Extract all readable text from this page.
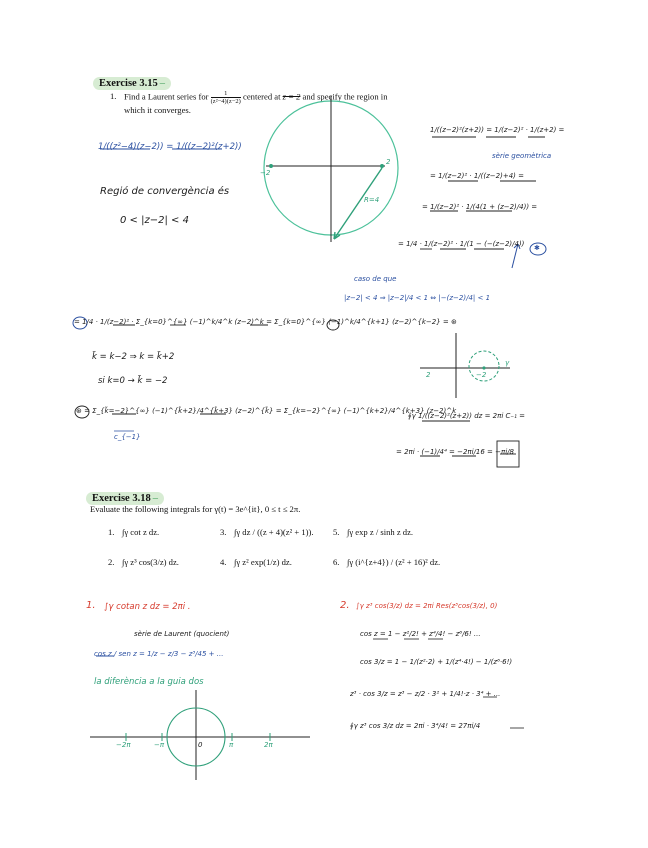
Exercise 3.15 –
1. Find a Laurent series for $\frac{1}{\text{(z²−4)(z−2)}}$ centered at z = 2 and specify the region in
which it converges.
1/((z²−4)(z−2)) = 1/((z−2)²(z+2))
Regió de convergència és
0 < |z−2| < 4
−2
2
R=4
1/((z−2)²(z+2)) = 1/(z−2)² · 1/(z+2) =
sèrie geomètrica
= 1/(z−2)² · 1/((z−2)+4) =
= 1/(z−2)² · 1/(4(1 + (z−2)/4)) =
= 1/4 · 1/(z−2)² · 1/(1 − (−(z−2)/4)) ✱
caso de que
|z−2| < 4 ⇒ |z−2|/4 < 1 ⇔ |−(z−2)/4| < 1
= 1/4 · 1/(z−2)² · Σ_{k=0}^{∞} (−1)^k/4^k (z−2)^k = Σ_{k=0}^{∞} (−1)^k/4^{k+1} (z−2)^{k−2} = ⊛
k̃ = k−2 ⇒ k = k̃+2
si k=0 → k̃ = −2
⊛ = Σ_{k̃=−2}^{∞} (−1)^{k̃+2}/4^{k̃+3} (z−2)^{k̃} = Σ_{k=−2}^{∞} (−1)^{k+2}/4^{k+3} (z−2)^k
c_{−1}
2	−2
γ
∮γ 1/((z−2)²(z+2)) dz = 2πi C₋₁ =
= 2πi · (−1)/4⁴ = −2πi/16 = −πi/8
Exercise 3.18 –
Evaluate the following integrals for γ(t) = 3e^{it}, 0 ≤ t ≤ 2π.
1. ∫γ cot z dz.
2. ∫γ z³ cos(3/z) dz.
3. ∫γ dz / ((z + 4)(z² + 1)).
4. ∫γ z² exp(1/z) dz.
5. ∫γ exp z / sinh z dz.
6. ∫γ (i^{z+4}) / (z² + 16)² dz.
1. ∫γ cotan z dz = 2πi .
sèrie de Laurent (quocient)
cos z / sen z = 1/z − z/3 − z³/45 + ...
la diferència a la guia dos
−2π	−π	0	π	2π
2. ∫γ z³ cos(3/z) dz = 2πi Res(z³cos(3/z), 0)
cos z = 1 − z²/2! + z⁴/4! − z⁶/6! ...
cos 3/z = 1 − 1/(z²·2) + 1/(z⁴·4!) − 1/(z⁶·6!)
z³ · cos 3/z = z³ − z/2 · 3² + 1/4!·z · 3⁴ + ...
∮γ z³ cos 3/z dz = 2πi · 3⁴/4! = 27πi/4
